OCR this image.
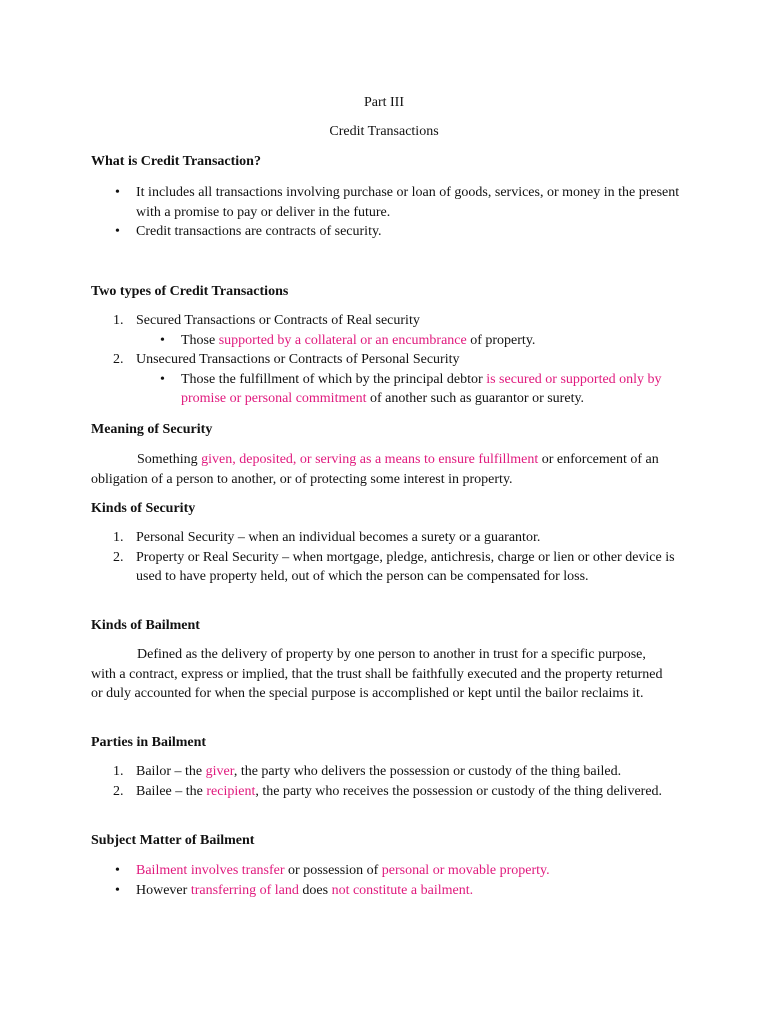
Part III

Credit Transactions

What is Credit Transaction?
• It includes all transactions involving purchase or loan of goods, services, or money in the present with a promise to pay or deliver in the future.
• Credit transactions are contracts of security.
Two types of Credit Transactions
1. Secured Transactions or Contracts of Real security
• Those supported by a collateral or an encumbrance of property.
2. Unsecured Transactions or Contracts of Personal Security
• Those the fulfillment of which by the principal debtor is secured or supported only by promise or personal commitment of another such as guarantor or surety.
Meaning of Security

Something given, deposited, or serving as a means to ensure fulfillment or enforcement of an obligation of a person to another, or of protecting some interest in property.

Kinds of Security
1. Personal Security – when an individual becomes a surety or a guarantor.
2. Property or Real Security – when mortgage, pledge, antichresis, charge or lien or other device is used to have property held, out of which the person can be compensated for loss.
Kinds of Bailment

Defined as the delivery of property by one person to another in trust for a specific purpose, with a contract, express or implied, that the trust shall be faithfully executed and the property returned or duly accounted for when the special purpose is accomplished or kept until the bailor reclaims it.

Parties in Bailment
1. Bailor – the giver, the party who delivers the possession or custody of the thing bailed.
2. Bailee – the recipient, the party who receives the possession or custody of the thing delivered.
Subject Matter of Bailment
• Bailment involves transfer or possession of personal or movable property.
• However transferring of land does not constitute a bailment.
